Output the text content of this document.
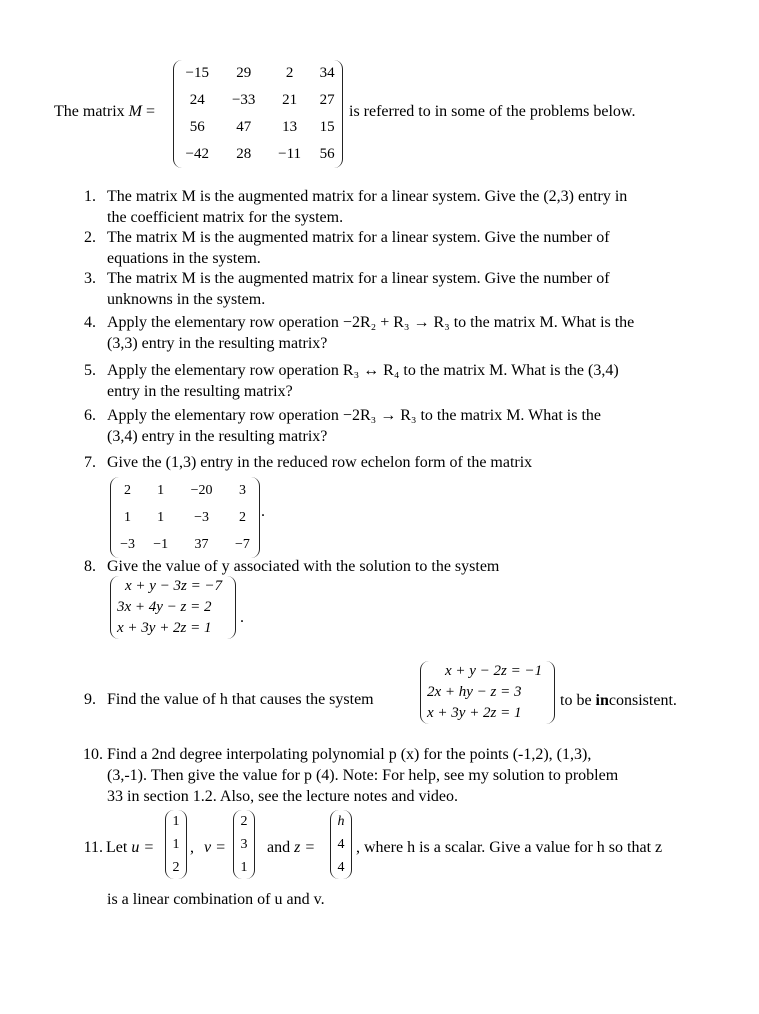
The matrix M =
−15	29	2	34
24	−33	21	27
56	47	13	15
−42	28	−11	56
is referred to in some of the problems below.
1. The matrix M is the augmented matrix for a linear system. Give the (2,3) entry in
the coefficient matrix for the system.
2. The matrix M is the augmented matrix for a linear system. Give the number of
equations in the system.
3. The matrix M is the augmented matrix for a linear system. Give the number of
unknowns in the system.
4. Apply the elementary row operation −2R₂ + R₃ → R₃ to the matrix M. What is the
(3,3) entry in the resulting matrix?
5. Apply the elementary row operation R₃ ↔ R₄ to the matrix M. What is the (3,4)
entry in the resulting matrix?
6. Apply the elementary row operation −2R₃ → R₃ to the matrix M. What is the
(3,4) entry in the resulting matrix?
7. Give the (1,3) entry in the reduced row echelon form of the matrix
8. Give the value of y associated with the solution to the system
9. Find the value of h that causes the system
10. Find a 2nd degree interpolating polynomial p (x) for the points (-1,2), (1,3),
(3,-1). Then give the value for p (4). Note: For help, see my solution to problem
33 in section 1.2. Also, see the lecture notes and video.
11.
is a linear combination of u and v.
2	1	−20	3
1	1	−3	2
−3	−1	37	−7
.
x + y − 3z = −7
3x + 4y − z = 2
x + 3y + 2z = 1
.
x + y − 2z = −1
2x + hy − z = 3
x + 3y + 2z = 1
to be inconsistent.
Let u =
1
1
2
, v =
2
3
1
and z =
h
4
4
, where h is a scalar. Give a value for h so that z
